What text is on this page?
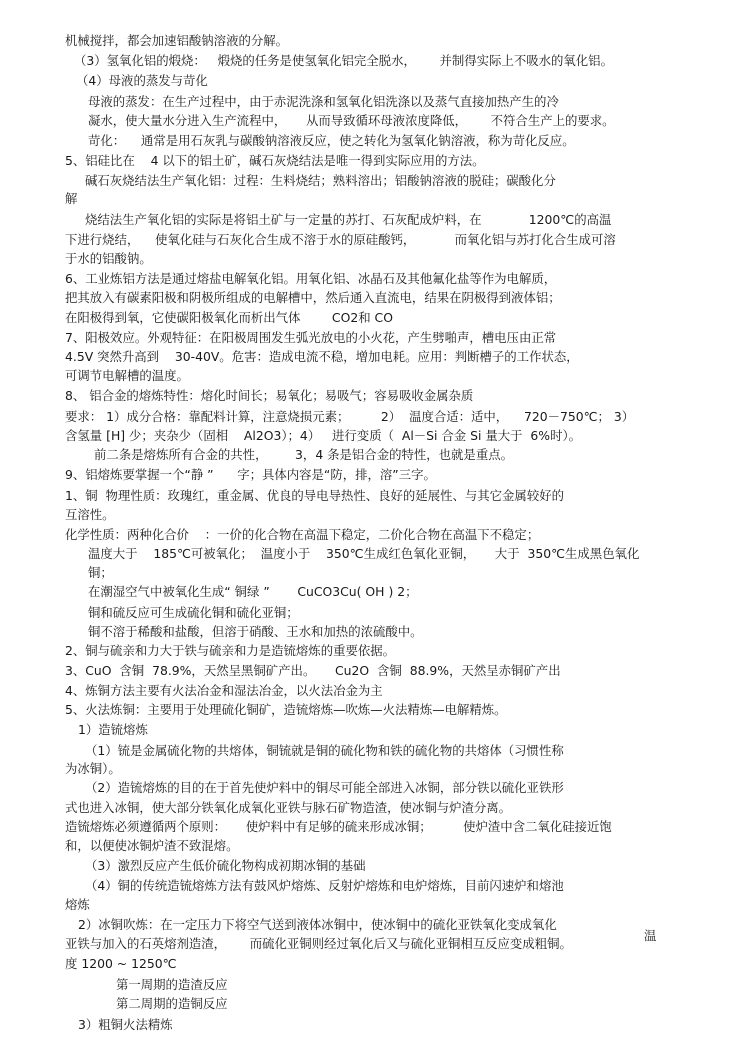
机械搅拌，都会加速铝酸钠溶液的分解。
（3）氢氧化铝的煅烧：   煅烧的任务是使氢氧化铝完全脱水，      并制得实际上不吸水的氧化铝。
（4）母液的蒸发与苛化
母液的蒸发：在生产过程中，由于赤泥洗涤和氢氧化铝洗涤以及蒸气直接加热产生的冷
凝水，使大量水分进入生产流程中，     从而导致循环母液浓度降低，      不符合生产上的要求。
苛化：    通常是用石灰乳与碳酸钠溶液反应，使之转化为氢氧化钠溶液，称为苛化反应。
5、铝硅比在    4 以下的铝土矿，碱石灰烧结法是唯一得到实际应用的方法。
碱石灰烧结法生产氧化铝：过程：生料烧结；熟料溶出；铝酸钠溶液的脱硅；碳酸化分
解
烧结法生产氧化铝的实际是将铝土矿与一定量的苏打、石灰配成炉料，在            1200℃的高温
下进行烧结，    使氧化硅与石灰化合生成不溶于水的原硅酸钙，          而氧化铝与苏打化合生成可溶
于水的铝酸钠。
6、工业炼铝方法是通过熔盐电解氧化铝。用氧化铝、冰晶石及其他氟化盐等作为电解质，
把其放入有碳素阳极和阴极所组成的电解槽中，然后通入直流电，结果在阴极得到液体铝；
在阳极得到氧，它使碳阳极氧化而析出气体        CO2和 CO
7、阳极效应。外观特征：在阳极周围发生弧光放电的小火花，产生劈啪声，槽电压由正常
4.5V 突然升高到    30-40V。危害：造成电流不稳，增加电耗。应用：判断槽子的工作状态，
可调节电解槽的温度。
8、 铝合金的熔炼特性：熔化时间长；易氧化；易吸气；容易吸收金属杂质
要求： 1）成分合格：靠配料计算，注意烧损元素；        2）  温度合适：适中，    720－750℃； 3）
含氢量 [H] 少；夹杂少（固相    Al2O3）；4）   进行变质（  Al－Si 合金 Si 量大于  6%时）。
前二条是熔炼所有合金的共性，       3，4 条是铝合金的特性，也就是重点。
9、铝熔炼要掌握一个“静 ”      字；具体内容是“防，排，溶”三字。
1、铜  物理性质：玫瑰红，重金属、优良的导电导热性、良好的延展性、与其它金属较好的
互溶性。
化学性质：两种化合价    ：一价的化合物在高温下稳定，二价化合物在高温下不稳定；
温度大于    185℃可被氧化；  温度小于    350℃生成红色氧化亚铜，     大于  350℃生成黑色氧化
铜；
在潮湿空气中被氧化生成“ 铜绿 ”       CuCO3Cu( OH ) 2；
铜和硫反应可生成硫化铜和硫化亚铜；
铜不溶于稀酸和盐酸，但溶于硝酸、王水和加热的浓硫酸中。
2、铜与硫亲和力大于铁与硫亲和力是造锍熔炼的重要依据。
3、CuO  含铜  78.9%，天然呈黑铜矿产出。     Cu2O  含铜  88.9%，天然呈赤铜矿产出
4、炼铜方法主要有火法冶金和湿法冶金，以火法冶金为主
5、火法炼铜：主要用于处理硫化铜矿，造锍熔炼—吹炼—火法精炼—电解精炼。
1）造锍熔炼
（1）锍是金属硫化物的共熔体，铜锍就是铜的硫化物和铁的硫化物的共熔体（习惯性称
为冰铜）。
（2）造锍熔炼的目的在于首先使炉料中的铜尽可能全部进入冰铜，部分铁以硫化亚铁形
式也进入冰铜，使大部分铁氧化成氧化亚铁与脉石矿物造渣，使冰铜与炉渣分离。
造锍熔炼必须遵循两个原则：     使炉料中有足够的硫来形成冰铜；        使炉渣中含二氧化硅接近饱
和，以便使冰铜炉渣不致混熔。
（3）激烈反应产生低价硫化物构成初期冰铜的基础
（4）铜的传统造锍熔炼方法有鼓风炉熔炼、反射炉熔炼和电炉熔炼，目前闪速炉和熔池
熔炼
2）冰铜吹炼：在一定压力下将空气送到液体冰铜中，使冰铜中的硫化亚铁氧化变成氧化
亚铁与加入的石英熔剂造渣，      而硫化亚铜则经过氧化后又与硫化亚铜相互反应变成粗铜。
度 1200 ~ 1250℃
第一周期的造渣反应
第二周期的造铜反应
3）粗铜火法精炼
温
